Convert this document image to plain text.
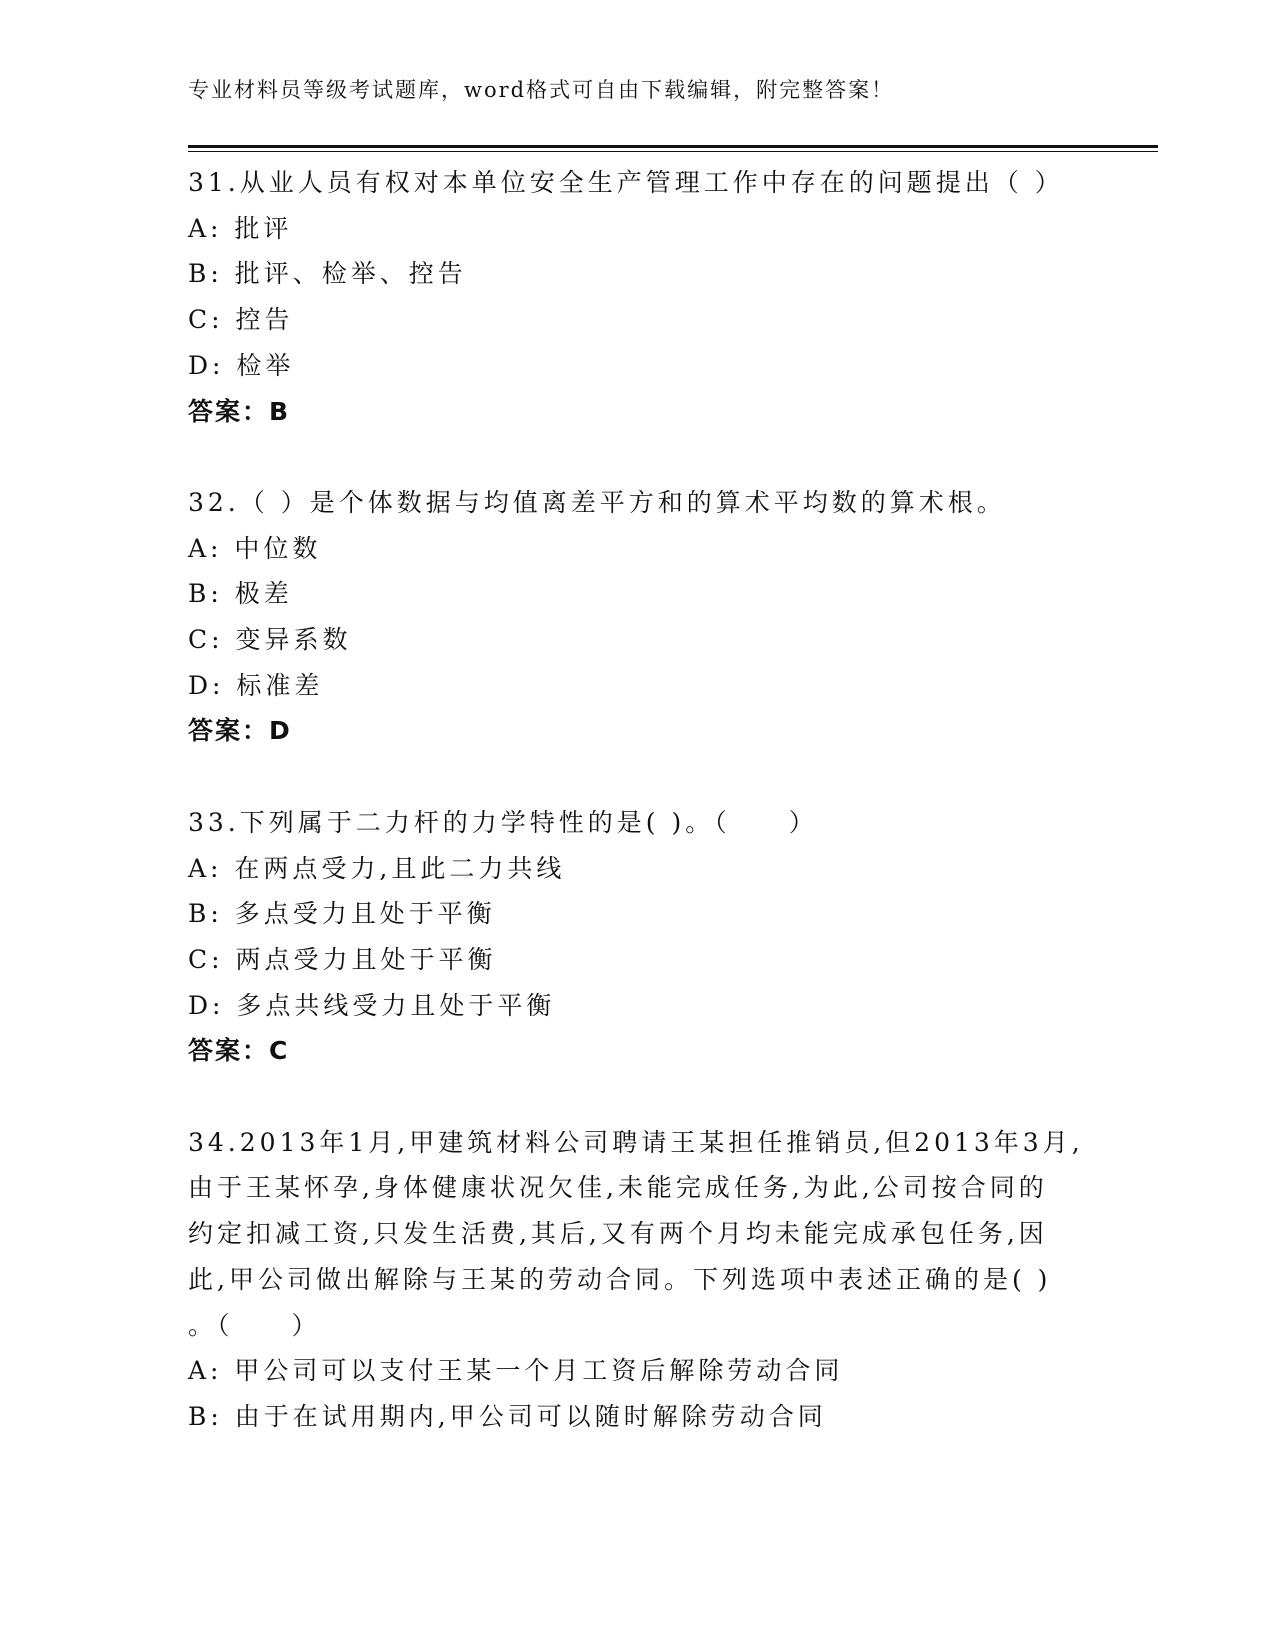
专业材料员等级考试题库，word格式可自由下载编辑，附完整答案！
31.从业人员有权对本单位安全生产管理工作中存在的问题提出（ ）
A: 批评
B: 批评、检举、控告
C: 控告
D: 检举
答案：B
32.（ ）是个体数据与均值离差平方和的算术平均数的算术根。
A: 中位数
B: 极差
C: 变异系数
D: 标准差
答案：D
33.下列属于二力杆的力学特性的是( )。（　　）
A: 在两点受力,且此二力共线
B: 多点受力且处于平衡
C: 两点受力且处于平衡
D: 多点共线受力且处于平衡
答案：C
34.2013年1月,甲建筑材料公司聘请王某担任推销员,但2013年3月,
由于王某怀孕,身体健康状况欠佳,未能完成任务,为此,公司按合同的
约定扣减工资,只发生活费,其后,又有两个月均未能完成承包任务,因
此,甲公司做出解除与王某的劳动合同。下列选项中表述正确的是( )
。（　　）
A: 甲公司可以支付王某一个月工资后解除劳动合同
B: 由于在试用期内,甲公司可以随时解除劳动合同
